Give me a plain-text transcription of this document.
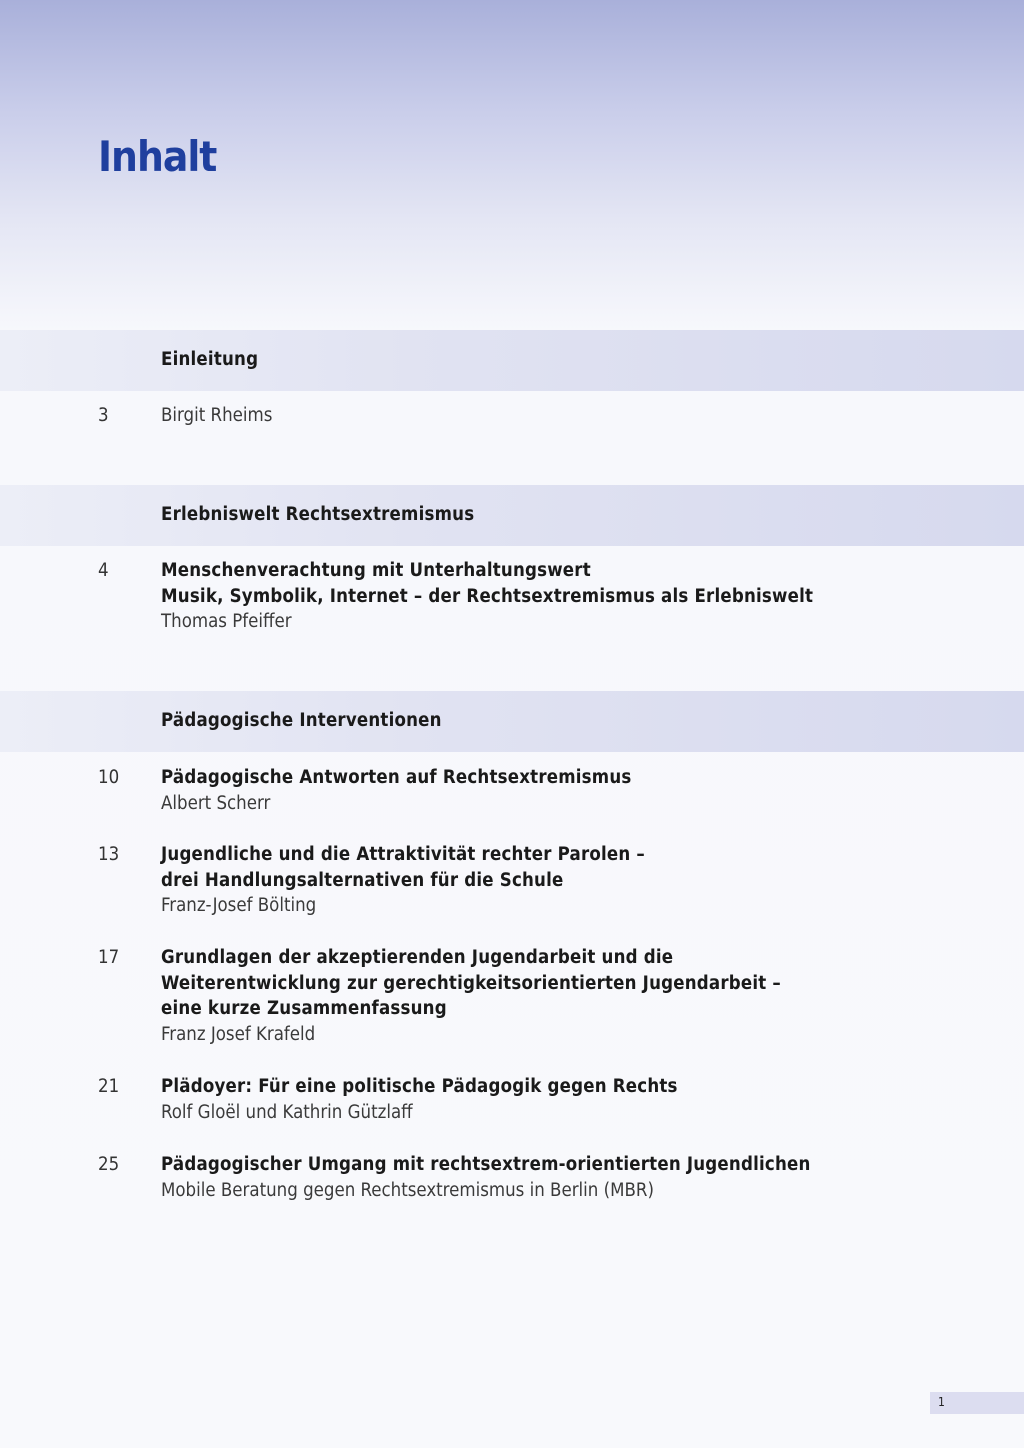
Inhalt
Einleitung
3	Birgit Rheims
Erlebniswelt Rechtsextremismus
4	Menschenverachtung mit Unterhaltungswert
Musik, Symbolik, Internet – der Rechtsextremismus als Erlebniswelt
Thomas Pfeiffer
Pädagogische Interventionen
10 Pädagogische Antworten auf Rechtsextremismus
Albert Scherr
13 Jugendliche und die Attraktivität rechter Parolen –
drei Handlungsalternativen für die Schule
Franz-Josef Bölting
17 Grundlagen der akzeptierenden Jugendarbeit und die
Weiterentwicklung zur gerechtigkeitsorientierten Jugendarbeit –
eine kurze Zusammenfassung
Franz Josef Krafeld
21 Plädoyer: Für eine politische Pädagogik gegen Rechts
Rolf Gloël und Kathrin Gützlaff
25 Pädagogischer Umgang mit rechtsextrem-orientierten Jugendlichen
Mobile Beratung gegen Rechtsextremismus in Berlin (MBR)
1
